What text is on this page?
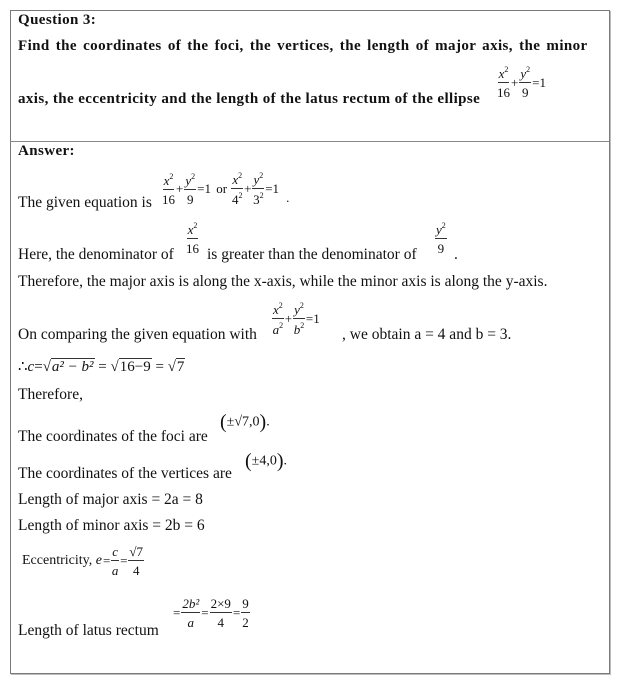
Question 3:
Find the coordinates of the foci, the vertices, the length of major axis, the minor
axis, the eccentricity and the length of the latus rectum of the ellipse $\frac{x^2}{16} + \frac{y^2}{9} =1$
Answer:
The given equation is $\frac{x^2}{16} + \frac{y^2}{9} =1$ or $\frac{x^2}{4^2} + \frac{y^2}{3^2} =1$.
Here, the denominator of $\frac{x^2}{16}$ is greater than the denominator of $\frac{y^2}{9}$ .
Therefore, the major axis is along the x-axis, while the minor axis is along the y-axis.
On comparing the given equation with $\frac{x^2}{a^2} + \frac{y^2}{b^2} =1$
, we obtain a = 4 and b = 3.
∴c=√a² − b² = √16−9 = √7
Therefore,
The coordinates of the foci are
(±√7,0).
The coordinates of the vertices are
(±4,0).
Length of major axis = 2a = 8
Length of minor axis = 2b = 6
Eccentricity, $e= \frac{c}{a} = \frac{√7}{4}$
Length of latus rectum
= $\frac{\text{2b²}}{a} = \frac{2\times 9}{4} = \frac{9}{2}$
